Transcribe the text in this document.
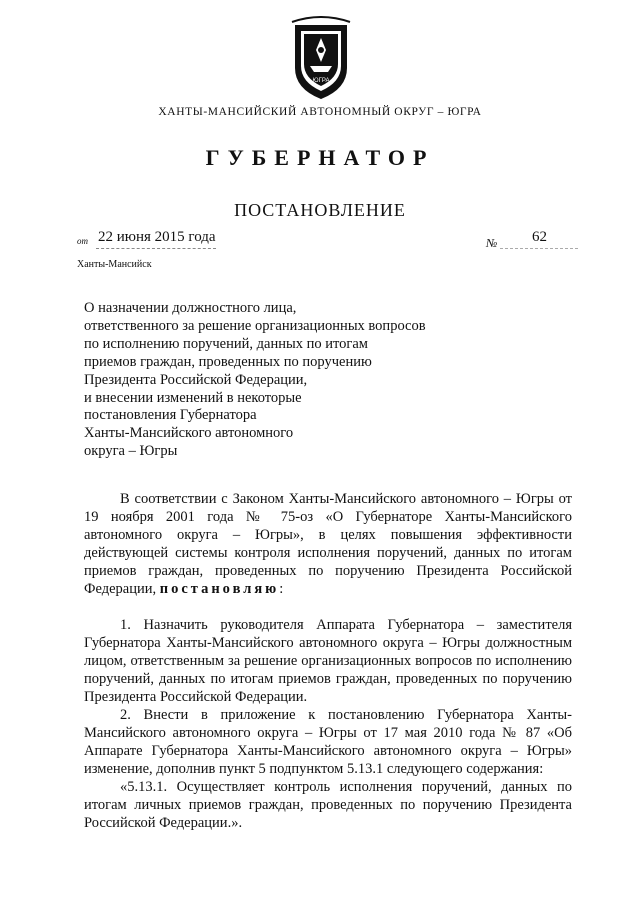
ЮГРА
ХАНТЫ-МАНСИЙСКИЙ АВТОНОМНЫЙ ОКРУГ – ЮГРА
ГУБЕРНАТОР
ПОСТАНОВЛЕНИЕ
от 22 июня 2015 года	№ 62
Ханты-Мансийск
О назначении должностного лица,
ответственного за решение организационных вопросов
по исполнению поручений, данных по итогам
приемов граждан, проведенных по поручению
Президента Российской Федерации,
и внесении изменений в некоторые
постановления Губернатора
Ханты-Мансийского автономного
округа – Югры

В соответствии с Законом Ханты-Мансийского автономного – Югры от 19 ноября 2001 года № 75-оз «О Губернаторе Ханты-Мансийского автономного округа – Югры», в целях повышения эффективности действующей системы контроля исполнения поручений, данных по итогам приемов граждан, проведенных по поручению Президента Российской Федерации, постановляю:

1. Назначить руководителя Аппарата Губернатора – заместителя Губернатора Ханты-Мансийского автономного округа – Югры должностным лицом, ответственным за решение организационных вопросов по исполнению поручений, данных по итогам приемов граждан, проведенных по поручению Президента Российской Федерации.

2. Внести в приложение к постановлению Губернатора Ханты-Мансийского автономного округа – Югры от 17 мая 2010 года № 87 «Об Аппарате Губернатора Ханты-Мансийского автономного округа – Югры» изменение, дополнив пункт 5 подпунктом 5.13.1 следующего содержания:

«5.13.1. Осуществляет контроль исполнения поручений, данных по итогам личных приемов граждан, проведенных по поручению Президента Российской Федерации.».
